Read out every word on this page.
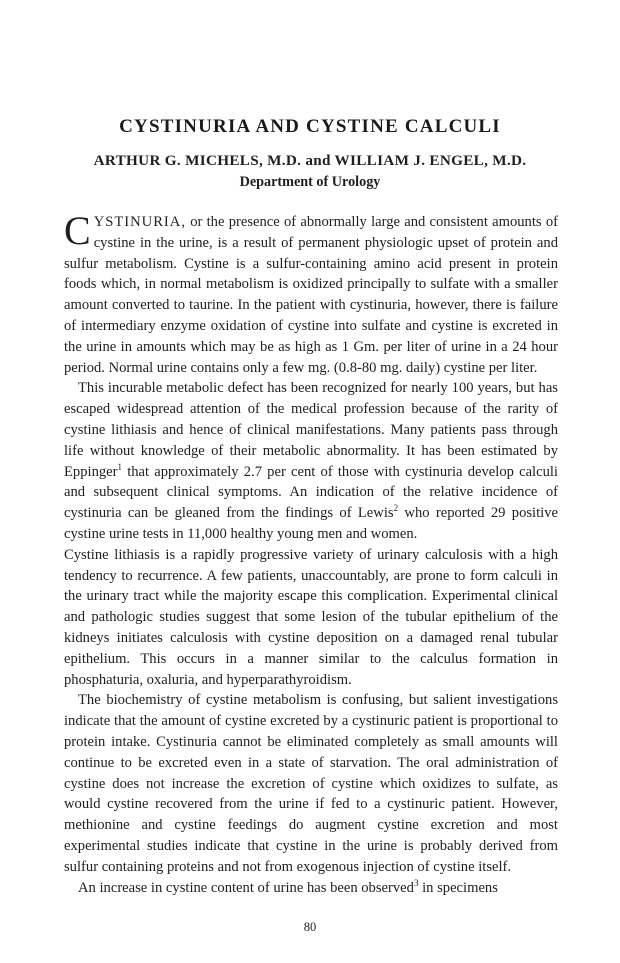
CYSTINURIA AND CYSTINE CALCULI
ARTHUR G. MICHELS, M.D. and WILLIAM J. ENGEL, M.D.
Department of Urology

CYSTINURIA, or the presence of abnormally large and consistent amounts of cystine in the urine, is a result of permanent physiologic upset of protein and sulfur metabolism. Cystine is a sulfur-containing amino acid present in protein foods which, in normal metabolism is oxidized principally to sulfate with a smaller amount converted to taurine. In the patient with cystinuria, however, there is failure of intermediary enzyme oxidation of cystine into sulfate and cystine is excreted in the urine in amounts which may be as high as 1 Gm. per liter of urine in a 24 hour period. Normal urine contains only a few mg. (0.8-80 mg. daily) cystine per liter.

This incurable metabolic defect has been recognized for nearly 100 years, but has escaped widespread attention of the medical profession because of the rarity of cystine lithiasis and hence of clinical manifestations. Many patients pass through life without knowledge of their metabolic abnormality. It has been estimated by Eppinger$^1$ that approximately 2.7 per cent of those with cystinuria develop calculi and subsequent clinical symptoms. An indication of the relative incidence of cystinuria can be gleaned from the findings of Lewis$^2$ who reported 29 positive cystine urine tests in 11,000 healthy young men and women.

Cystine lithiasis is a rapidly progressive variety of urinary calculosis with a high tendency to recurrence. A few patients, unaccountably, are prone to form calculi in the urinary tract while the majority escape this complication. Experimental clinical and pathologic studies suggest that some lesion of the tubular epithelium of the kidneys initiates calculosis with cystine deposition on a damaged renal tubular epithelium. This occurs in a manner similar to the calculus formation in phosphaturia, oxaluria, and hyperparathyroidism.

The biochemistry of cystine metabolism is confusing, but salient investigations indicate that the amount of cystine excreted by a cystinuric patient is proportional to protein intake. Cystinuria cannot be eliminated completely as small amounts will continue to be excreted even in a state of starvation. The oral administration of cystine does not increase the excretion of cystine which oxidizes to sulfate, as would cystine recovered from the urine if fed to a cystinuric patient. However, methionine and cystine feedings do augment cystine excretion and most experimental studies indicate that cystine in the urine is probably derived from sulfur containing proteins and not from exogenous injection of cystine itself.

An increase in cystine content of urine has been observed$^3$ in specimens

80
